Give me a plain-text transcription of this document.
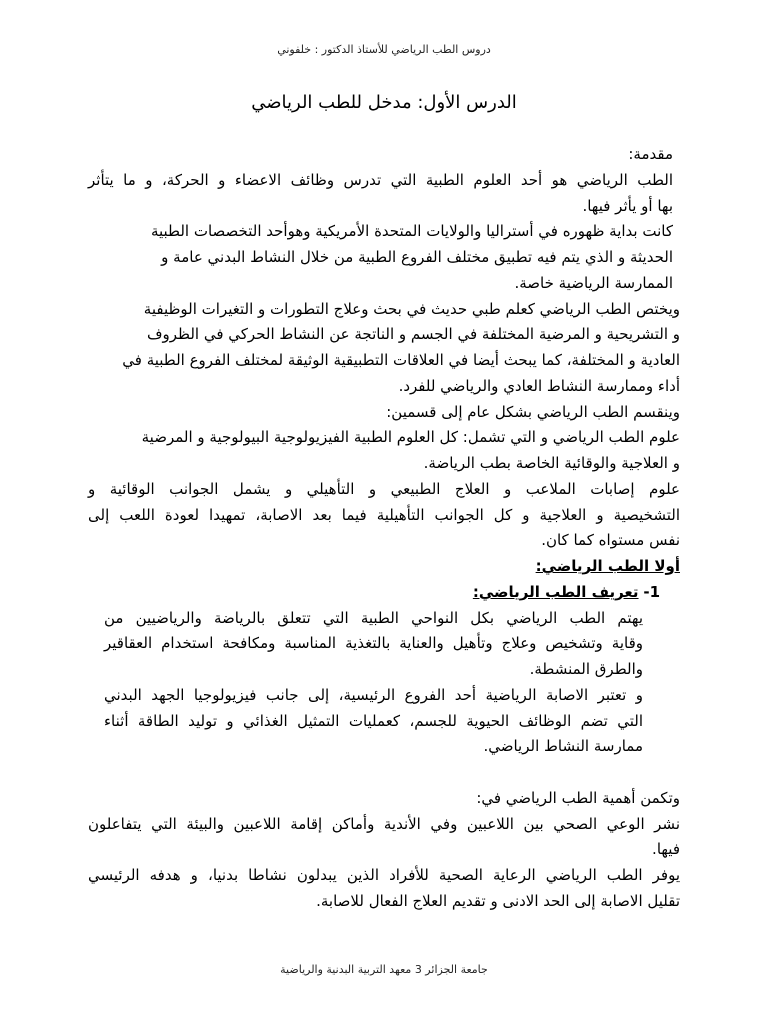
دروس الطب الرياضي للأستاذ الدكتور : خلفوني
الدرس الأول: مدخل للطب الرياضي
مقدمة:
الطب الرياضي هو أحد العلوم الطبية التي تدرس وظائف الاعضاء و الحركة، و ما يتأثر
بها أو يأثر فيها.
كانت بداية ظهوره في أستراليا والولايات المتحدة الأمريكية وهوأحد التخصصات الطبية
الحديثة و الذي يتم فيه تطبيق مختلف الفروع الطبية من خلال النشاط البدني عامة و
الممارسة الرياضية خاصة.
ويختص الطب الرياضي كعلم طبي حديث في بحث وعلاج التطورات و التغيرات الوظيفية
و التشريحية و المرضية المختلفة في الجسم و الناتجة عن النشاط الحركي في الظروف
العادية و المختلفة، كما يبحث أيضا في العلاقات التطبيقية الوثيقة لمختلف الفروع الطبية في
أداء وممارسة النشاط العادي والرياضي للفرد.
وينقسم الطب الرياضي بشكل عام إلى قسمين:
علوم الطب الرياضي و التي تشمل: كل العلوم الطبية الفيزيولوجية البيولوجية و المرضية
و العلاجية والوقائية الخاصة بطب الرياضة.
علوم إصابات الملاعب و العلاج الطبيعي و التأهيلي و يشمل الجوانب الوقائية و
التشخيصية و العلاجية و كل الجوانب التأهيلية فيما بعد الاصابة، تمهيدا لعودة اللعب إلى
نفس مستواه كما كان.
أولا الطب الرياضي:
1- تعريف الطب الرياضي:
يهتم الطب الرياضي بكل النواحي الطبية التي تتعلق بالرياضة والرياضيين من
وقاية وتشخيص وعلاج وتأهيل والعناية بالتغذية المناسبة ومكافحة استخدام العقاقير
والطرق المنشطة.
و تعتبر الاصابة الرياضية أحد الفروع الرئيسية، إلى جانب فيزيولوجيا الجهد البدني
التي تضم الوظائف الحيوية للجسم، كعمليات التمثيل الغذائي و توليد الطاقة أثناء
ممارسة النشاط الرياضي.
وتكمن أهمية الطب الرياضي في:
نشر الوعي الصحي بين اللاعبين وفي الأندية وأماكن إقامة اللاعبين والبيئة التي يتفاعلون
فيها.
يوفر الطب الرياضي الرعاية الصحية للأفراد الذين يبدلون نشاطا بدنيا، و هدفه الرئيسي
تقليل الاصابة إلى الحد الادنى و تقديم العلاج الفعال للاصابة.
جامعة الجزائر 3 معهد التربية البدنية والرياضية
